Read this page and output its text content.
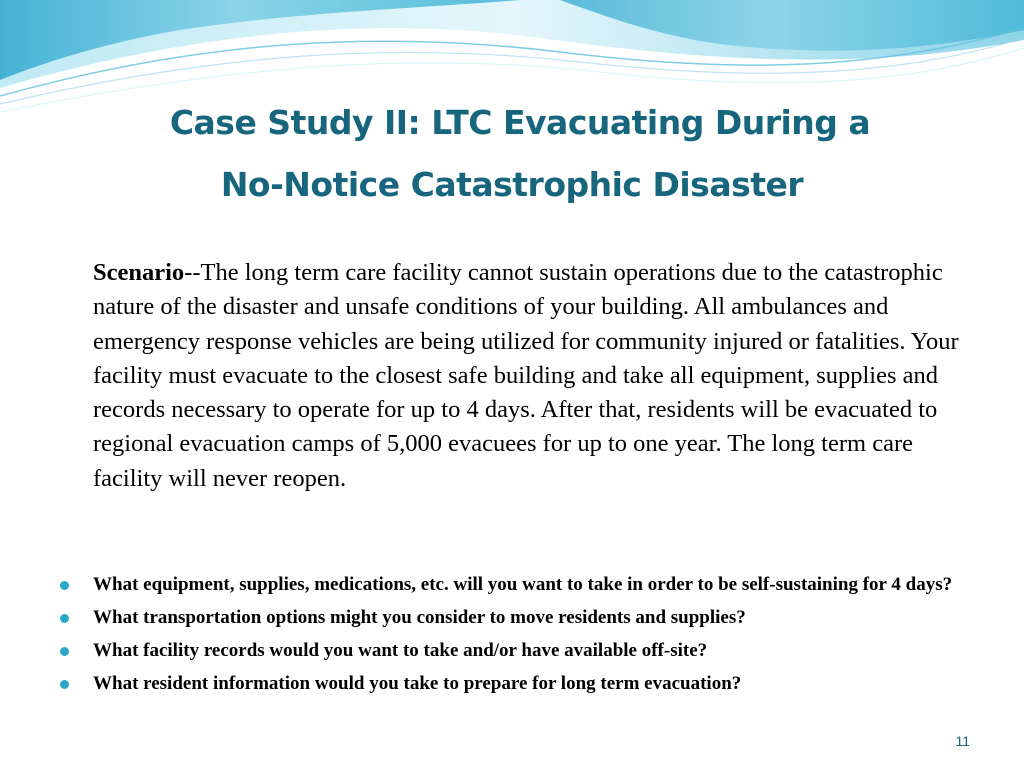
Case Study II: LTC Evacuating During a
No-Notice Catastrophic Disaster
Scenario--The long term care facility cannot sustain operations due to the catastrophic nature of the disaster and unsafe conditions of your building. All ambulances and emergency response vehicles are being utilized for community injured or fatalities. Your facility must evacuate to the closest safe building and take all equipment, supplies and records necessary to operate for up to 4 days. After that, residents will be evacuated to regional evacuation camps of 5,000 evacuees for up to one year. The long term care facility will never reopen.
What equipment, supplies, medications, etc. will you want to take in order to be self-sustaining for 4 days?
What transportation options might you consider to move residents and supplies?
What facility records would you want to take and/or have available off-site?
What resident information would you take to prepare for long term evacuation?
11
